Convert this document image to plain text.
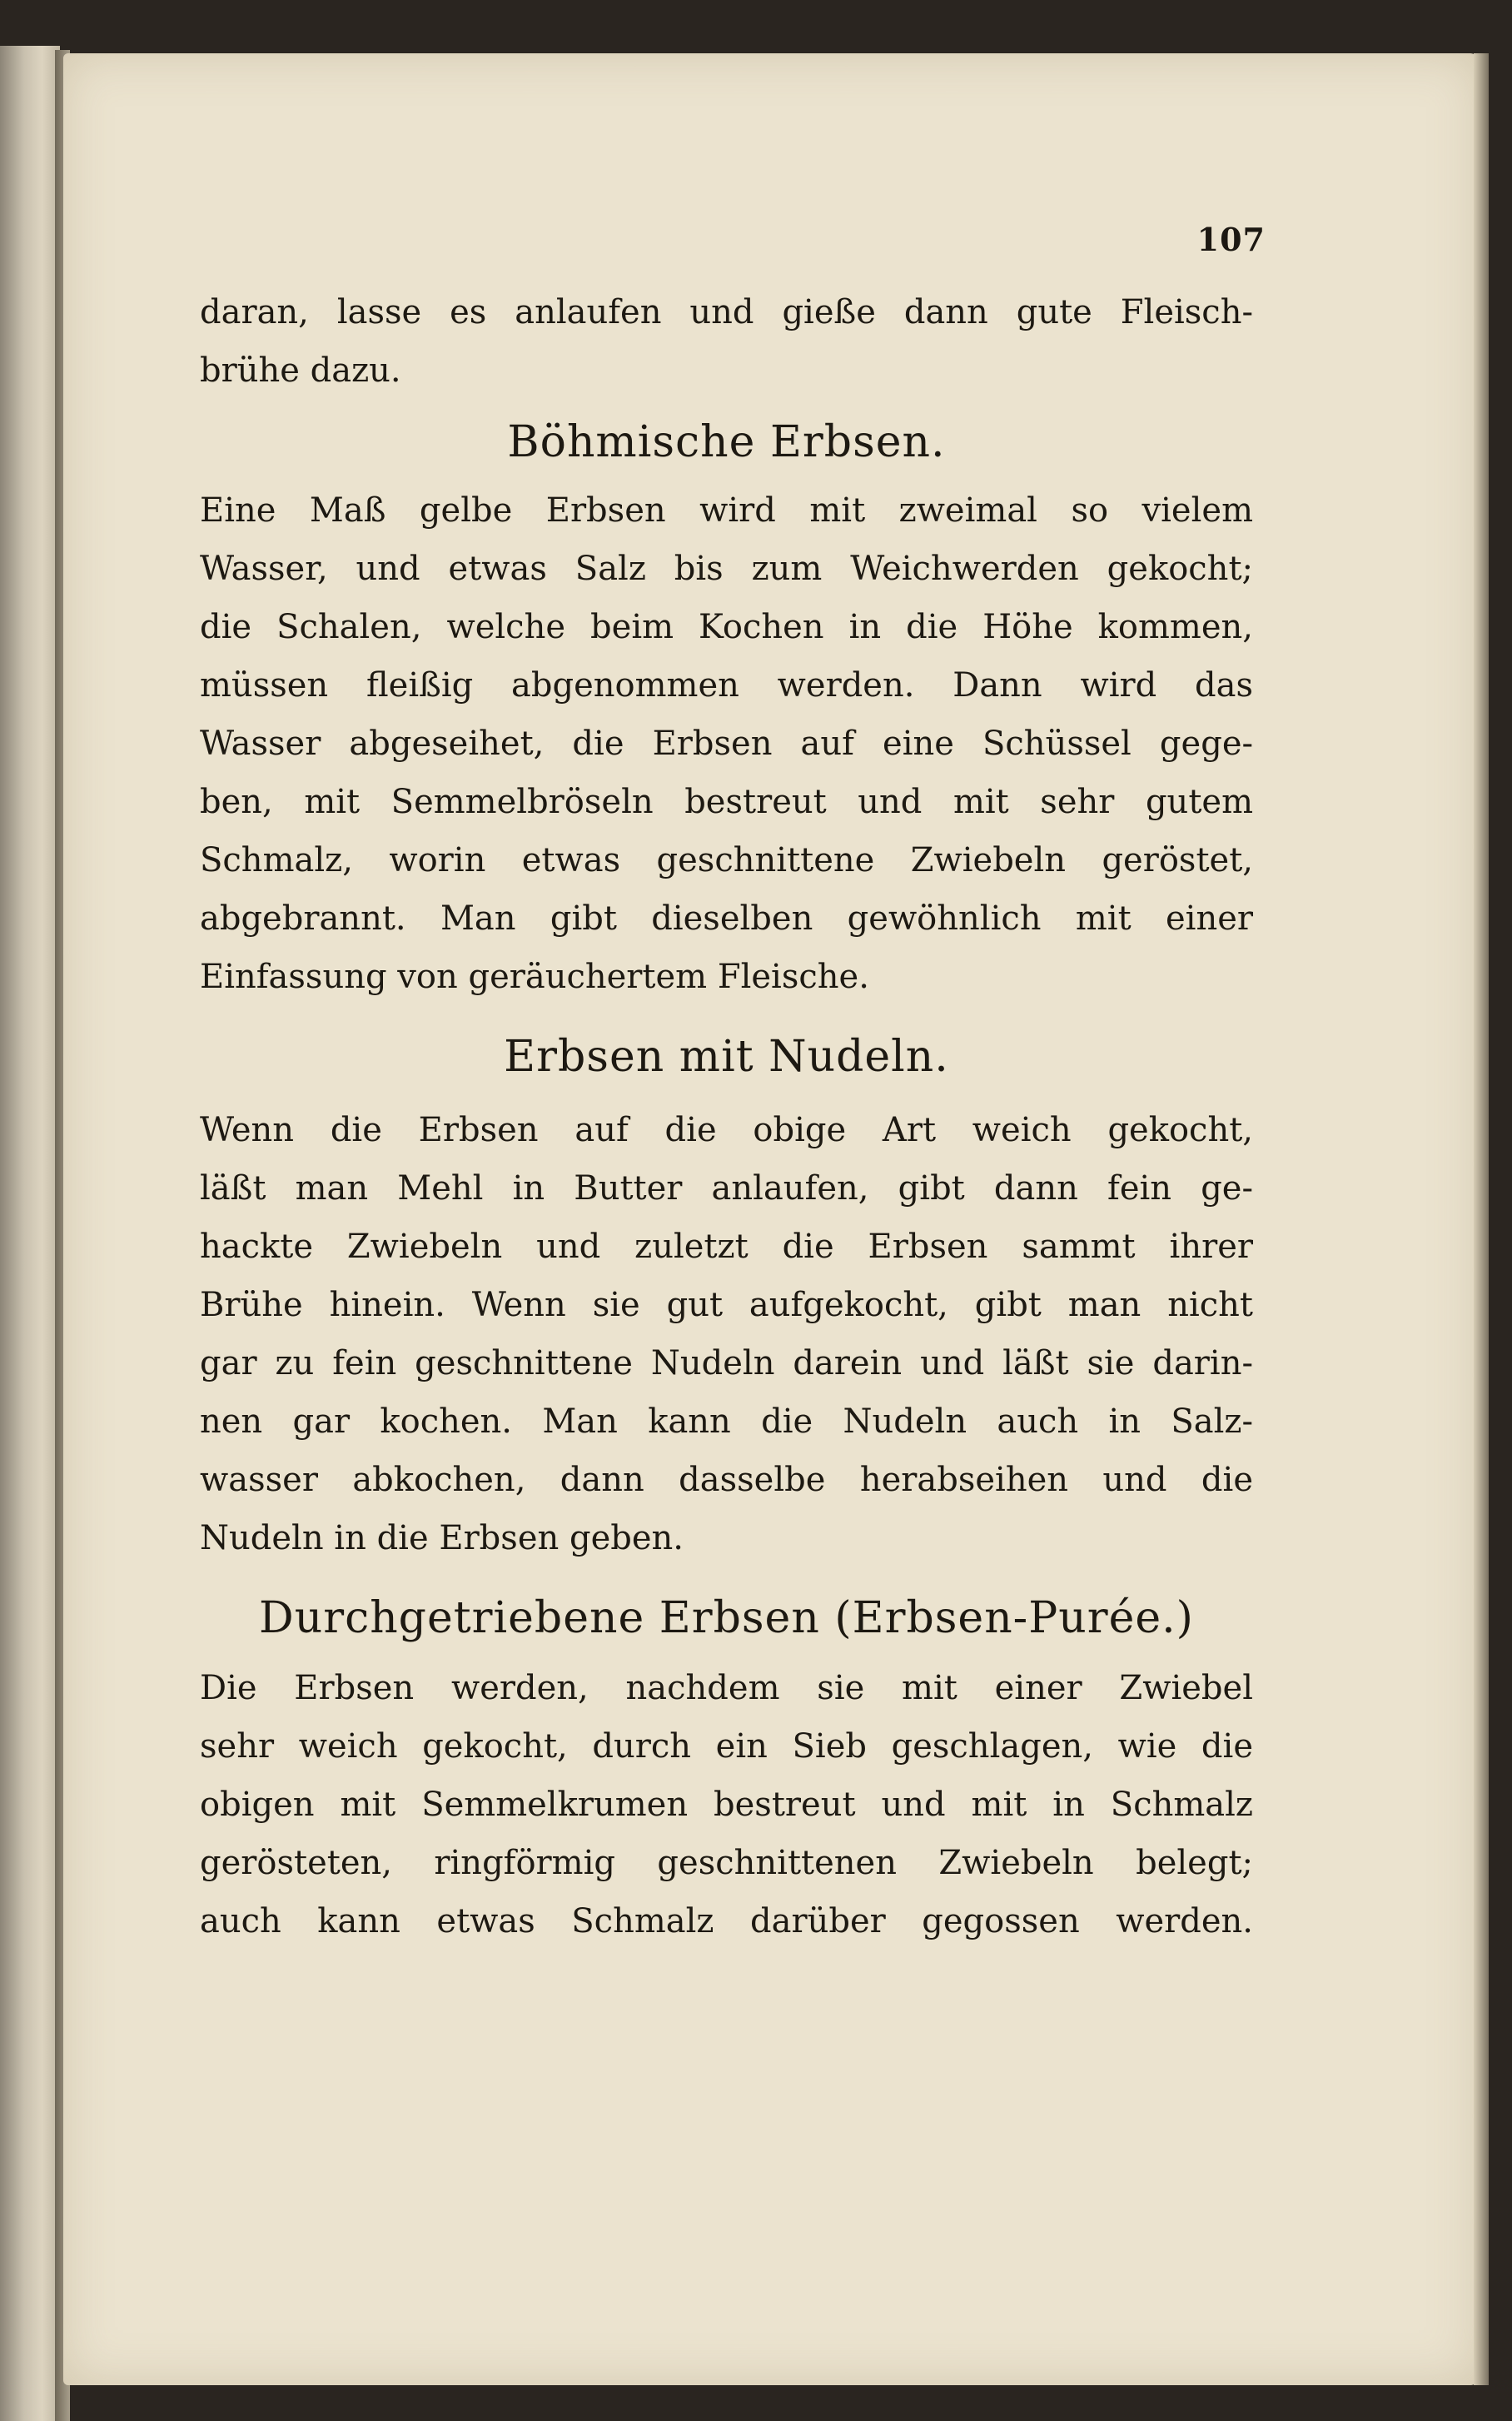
107
daran, lasse es anlaufen und gieße dann gute Fleisch-
brühe dazu.
Böhmische Erbsen.
Eine Maß gelbe Erbsen wird mit zweimal so vielem
Wasser, und etwas Salz bis zum Weichwerden gekocht;
die Schalen, welche beim Kochen in die Höhe kommen,
müssen fleißig abgenommen werden. Dann wird das
Wasser abgeseihet, die Erbsen auf eine Schüssel gege-
ben, mit Semmelbröseln bestreut und mit sehr gutem
Schmalz, worin etwas geschnittene Zwiebeln geröstet,
abgebrannt. Man gibt dieselben gewöhnlich mit einer
Einfassung von geräuchertem Fleische.
Erbsen mit Nudeln.
Wenn die Erbsen auf die obige Art weich gekocht,
läßt man Mehl in Butter anlaufen, gibt dann fein ge-
hackte Zwiebeln und zuletzt die Erbsen sammt ihrer
Brühe hinein. Wenn sie gut aufgekocht, gibt man nicht
gar zu fein geschnittene Nudeln darein und läßt sie darin-
nen gar kochen. Man kann die Nudeln auch in Salz-
wasser abkochen, dann dasselbe herabseihen und die
Nudeln in die Erbsen geben.
Durchgetriebene Erbsen (Erbsen-Purée.)
Die Erbsen werden, nachdem sie mit einer Zwiebel
sehr weich gekocht, durch ein Sieb geschlagen, wie die
obigen mit Semmelkrumen bestreut und mit in Schmalz
gerösteten, ringförmig geschnittenen Zwiebeln belegt;
auch kann etwas Schmalz darüber gegossen werden.
